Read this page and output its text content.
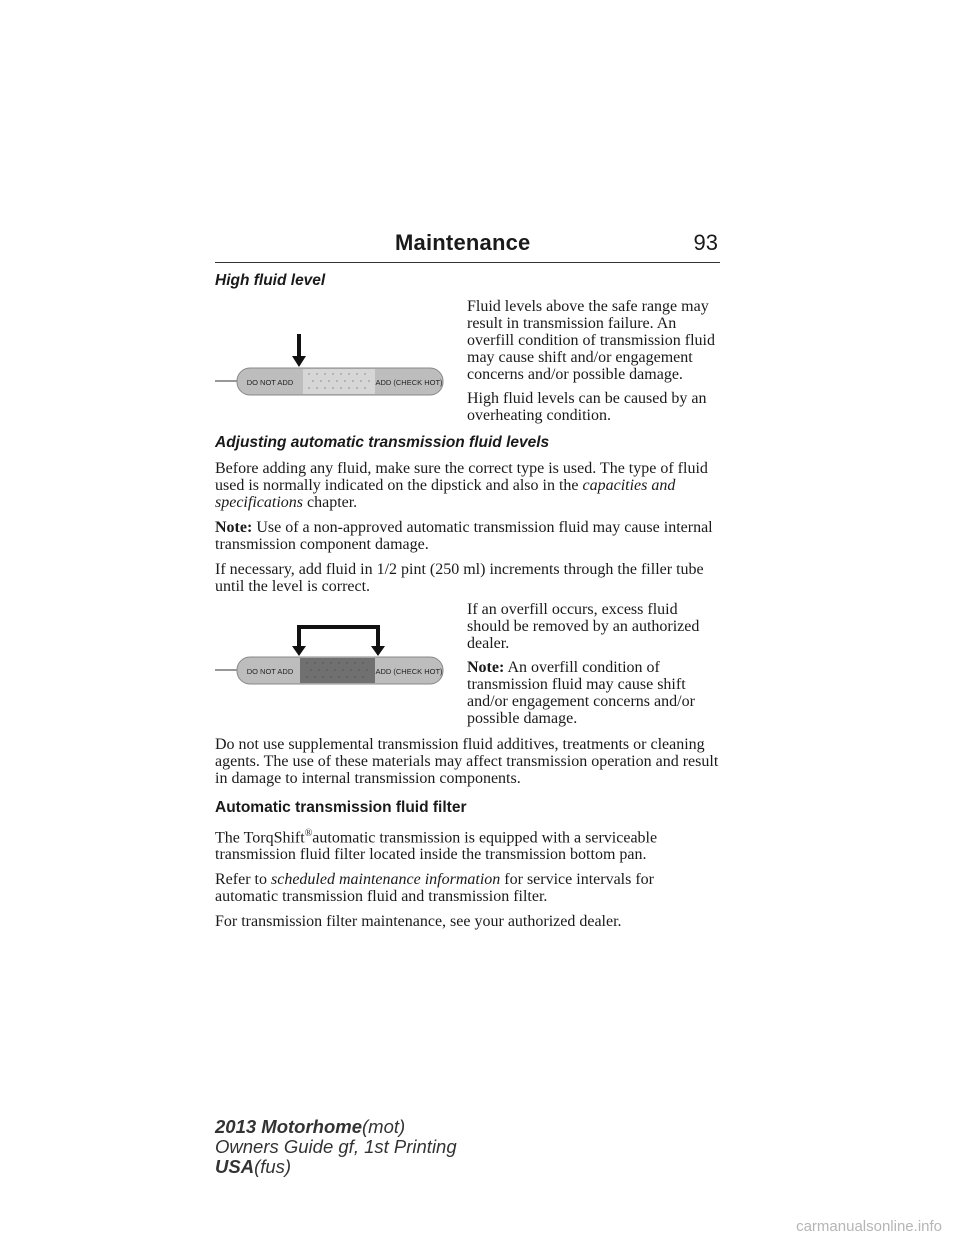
Maintenance	93
High fluid level
DO NOT ADD	ADD (CHECK HOT)

Fluid levels above the safe range may result in transmission failure. An overfill condition of transmission fluid may cause shift and/or engagement concerns and/or possible damage.

High fluid levels can be caused by an overheating condition.

Adjusting automatic transmission fluid levels

Before adding any fluid, make sure the correct type is used. The type of fluid used is normally indicated on the dipstick and also in the capacities and specifications chapter.

Note: Use of a non-approved automatic transmission fluid may cause internal transmission component damage.

If necessary, add fluid in 1/2 pint (250 ml) increments through the filler tube until the level is correct.

DO NOT ADD	ADD (CHECK HOT)

If an overfill occurs, excess fluid should be removed by an authorized dealer.

Note: An overfill condition of transmission fluid may cause shift and/or engagement concerns and/or possible damage.

Do not use supplemental transmission fluid additives, treatments or cleaning agents. The use of these materials may affect transmission operation and result in damage to internal transmission components.

Automatic transmission fluid filter

The TorqShift®automatic transmission is equipped with a serviceable transmission fluid filter located inside the transmission bottom pan.

Refer to scheduled maintenance information for service intervals for automatic transmission fluid and transmission filter.

For transmission filter maintenance, see your authorized dealer.

2013 Motorhome(mot)
Owners Guide gf, 1st Printing
USA(fus)
carmanualsonline.info
